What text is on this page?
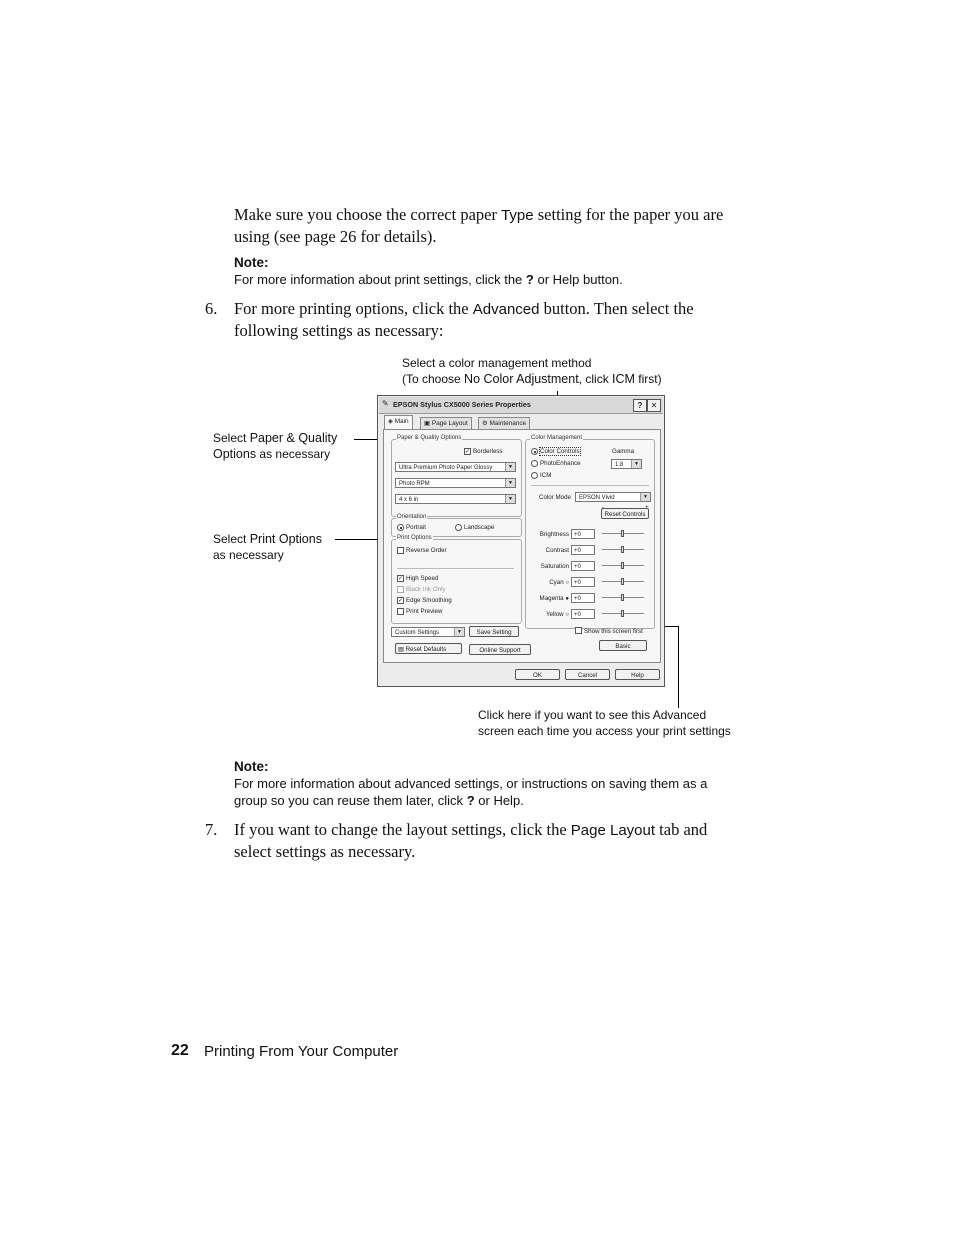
Make sure you choose the correct paper Type setting for the paper you are
using (see page 26 for details).
Note:
For more information about print settings, click the ? or Help button.
6. For more printing options, click the Advanced button. Then select the
following settings as necessary:
Select a color management method
(To choose No Color Adjustment, click ICM first)
Select Paper & Quality
Options as necessary
Select Print Options
as necessary
Click here if you want to see this Advanced
screen each time you access your print settings
✎ EPSON Stylus CX5000 Series Properties	?	✕
◈ Main	▣ Page Layout	⚙ Maintenance
Paper & Quality Options
✓ Borderless
Ultra Premium Photo Paper Glossy	▼
Photo RPM	▼
4 x 6 in	▼
Orientation
Portrait	Landscape
Print Options
Reverse Order
✓ High Speed
Black Ink Only
✓ Edge Smoothing
Print Preview
Custom Settings	▼	Save Setting
▤ Reset Defaults	Online Support
Color Management
Color Controls
PhotoEnhance
ICM
Gamma
1.8	▼
Color Mode	EPSON Vivid	▼
Reset Controls
Brightness +0
Contrast +0
Saturation +0
Cyan ○ +0
Magenta ● +0
Yellow ○ +0
Show this screen first
Basic
OK	Cancel	Help
Note:
For more information about advanced settings, or instructions on saving them as a
group so you can reuse them later, click ? or Help.
7. If you want to change the layout settings, click the Page Layout tab and
select settings as necessary.
22 Printing From Your Computer
